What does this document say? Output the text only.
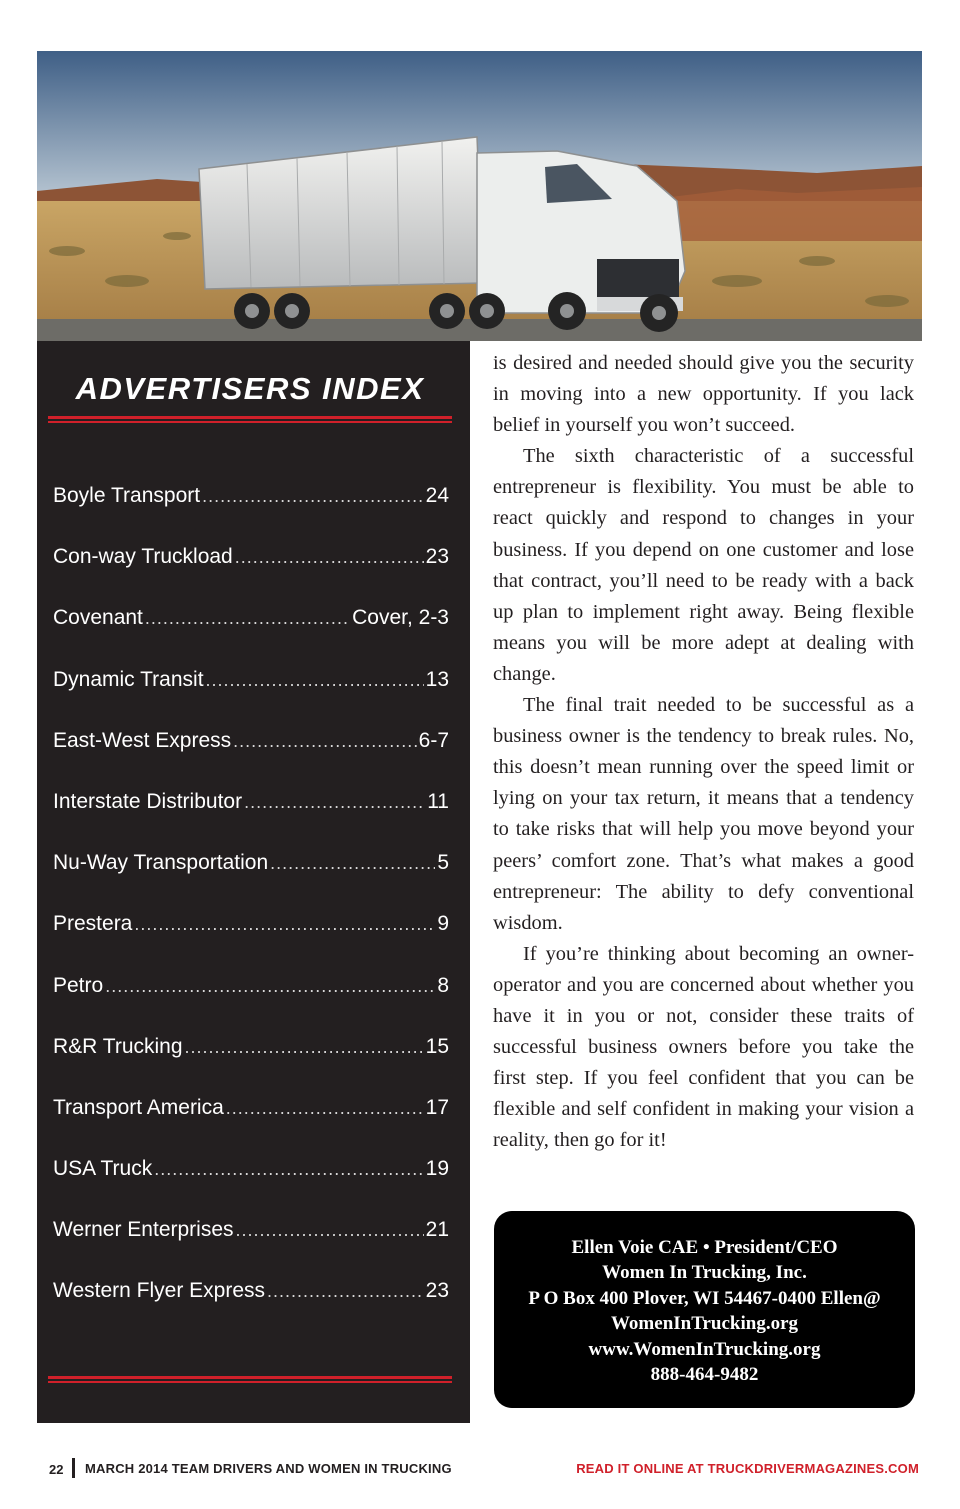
ADVERTISERS INDEX
Boyle Transport .....	24
Con-way Truckload .....	23
Covenant .....	Cover, 2-3
Dynamic Transit .....	13
East-West Express .....	6-7
Interstate Distributor .....	11
Nu-Way Transportation .....	5
Prestera .....	9
Petro .....	8
R&R Trucking .....	15
Transport America .....	17
USA Truck .....	19
Werner Enterprises .....	21
Western Flyer Express .....	23

is desired and needed should give you the security in moving into a new opportunity. If you lack belief in yourself you won’t succeed.

The sixth characteristic of a successful entrepreneur is flexibility. You must be able to react quickly and respond to changes in your business. If you depend on one customer and lose that contract, you’ll need to be ready with a back up plan to implement right away. Being flexible means you will be more adept at dealing with change.

The final trait needed to be successful as a business owner is the tendency to break rules. No, this doesn’t mean running over the speed limit or lying on your tax return, it means that a tendency to take risks that will help you move beyond your peers’ comfort zone. That’s what makes a good entrepreneur: The ability to defy conventional wisdom.

If you’re thinking about becoming an owner-operator and you are concerned about whether you have it in you or not, consider these traits of successful business owners before you take the first step. If you feel confident that you can be flexible and self confident in making your vision a reality, then go for it!

Ellen Voie CAE • President/CEO
Women In Trucking, Inc.
P O Box 400 Plover, WI 54467-0400 Ellen@
WomenInTrucking.org
www.WomenInTrucking.org
888-464-9482
22 MARCH 2014 TEAM DRIVERS AND WOMEN IN TRUCKING	READ IT ONLINE AT TRUCKDRIVERMAGAZINES.COM
